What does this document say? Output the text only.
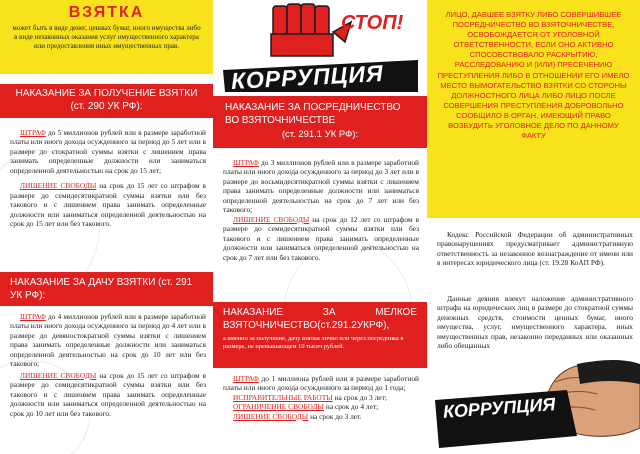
ВЗЯТКА
может быть в виде денег, ценных бумаг, иного имущества либо в виде незаконных оказания услуг имущественного характера или предоставления иных имущественных прав.
НАКАЗАНИЕ ЗА ПОЛУЧЕНИЕ ВЗЯТКИ (ст. 290 УК РФ):

ШТРАФ до 5 миллионов рублей или в размере заработной платы или иного дохода осужденного за период до 5 лет или в размере до стократной суммы взятки с лишением права занимать определенные должности или заниматься определенной деятельностью на срок до 15 лет;

ЛИШЕНИЕ СВОБОДЫ на срок до 15 лет со штрафом в размере до семидесятикратной суммы взятки или без такового и с лишением права занимать определенные должности или заниматься определенной деятельностью на срок до 15 лет или без такового.

НАКАЗАНИЕ ЗА ДАЧУ ВЗЯТКИ (ст. 291 УК РФ):

ШТРАФ до 4 миллионов рублей или в размере заработной платы или иного дохода осужденного за период до 4 лет или в размере до девяностократной суммы взятки с лишением права занимать определенные должности или заниматься определенной деятельностью на срок до 10 лет или без такового;

ЛИШЕНИЕ СВОБОДЫ на срок до 15 лет со штрафом в размере до семидесятикратной суммы взятки или без такового и с лишением права занимать определенные должности или заниматься определенной деятельностью на срок до 10 лет или без такового.

СТОП!
КОРРУПЦИЯ
НАКАЗАНИЕ ЗА ПОСРЕДНИЧЕСТВО ВО ВЗЯТОЧНИЧЕСТВЕ
(ст. 291.1 УК РФ):

ШТРАФ до 3 миллионов рублей или в размере заработной платы или иного дохода осужденного за период до 3 лет или в размере до восьмидесятикратной суммы взятки с лишением права занимать определенные должности или заниматься определенной деятельностью на срок до 7 лет или без такового;

ЛИШЕНИЕ СВОБОДЫ на срок до 12 лет со штрафом в размере до семидесятикратной суммы взятки или без такового и с лишением права занимать определенные должности или заниматься определенной деятельностью на срок до 7 лет или без такового.

НАКАЗАНИЕ ЗА МЕЛКОЕ ВЗЯТОЧНИЧЕСТВО(ст.291.2УКРФ),
а именно за получение, дачу взятки лично или через посредника в размере, не превышающем 10 тысяч рублей.

ШТРАФ до 1 миллиона рублей или в размере заработной платы или иного дохода осужденного за период до 1 года;

ИСПРАВИТЕЛЬНЫЕ РАБОТЫ на срок до 3 лет;

ОГРАНИЧЕНИЕ СВОБОДЫ на срок до 4 лет;

ЛИШЕНИЕ СВОБОДЫ на срок до 3 лет.

ЛИЦО, ДАВШЕЕ ВЗЯТКУ ЛИБО СОВЕРШИВШЕЕ ПОСРЕДНИЧЕСТВО ВО ВЗЯТОЧНИЧЕСТВЕ, ОСВОБОЖДАЕТСЯ ОТ УГОЛОВНОЙ ОТВЕТСТВЕННОСТИ, ЕСЛИ ОНО АКТИВНО СПОСОБСТВОВАЛО РАСКРЫТИЮ, РАССЛЕДОВАНИЮ И (ИЛИ) ПРЕСЕЧЕНИЮ ПРЕСТУПЛЕНИЯ ЛИБО В ОТНОШЕНИИ ЕГО ИМЕЛО МЕСТО ВЫМОГАТЕЛЬСТВО ВЗЯТКИ СО СТОРОНЫ ДОЛЖНОСТНОГО ЛИЦА ЛИБО ЛИЦО ПОСЛЕ СОВЕРШЕНИЯ ПРЕСТУПЛЕНИЯ ДОБРОВОЛЬНО СООБЩИЛО В ОРГАН, ИМЕЮЩИЙ ПРАВО ВОЗБУДИТЬ УГОЛОВНОЕ ДЕЛО ПО ДАННОМУ ФАКТУ

Кодекс Российской Федерации об административных правонарушениях предусматривает административную ответственность за незаконное вознаграждение от имени или в интересах юридического лица (ст. 19.28 КоАП РФ).

Данные деяния влекут наложение административного штрафа на юридических лиц в размере до стократной суммы денежных средств, стоимости ценных бумаг, иного имущества, услуг, имущественного характера, иных имущественных прав, незаконно переданных или оказанных либо обещанных

КОРРУПЦИЯ
